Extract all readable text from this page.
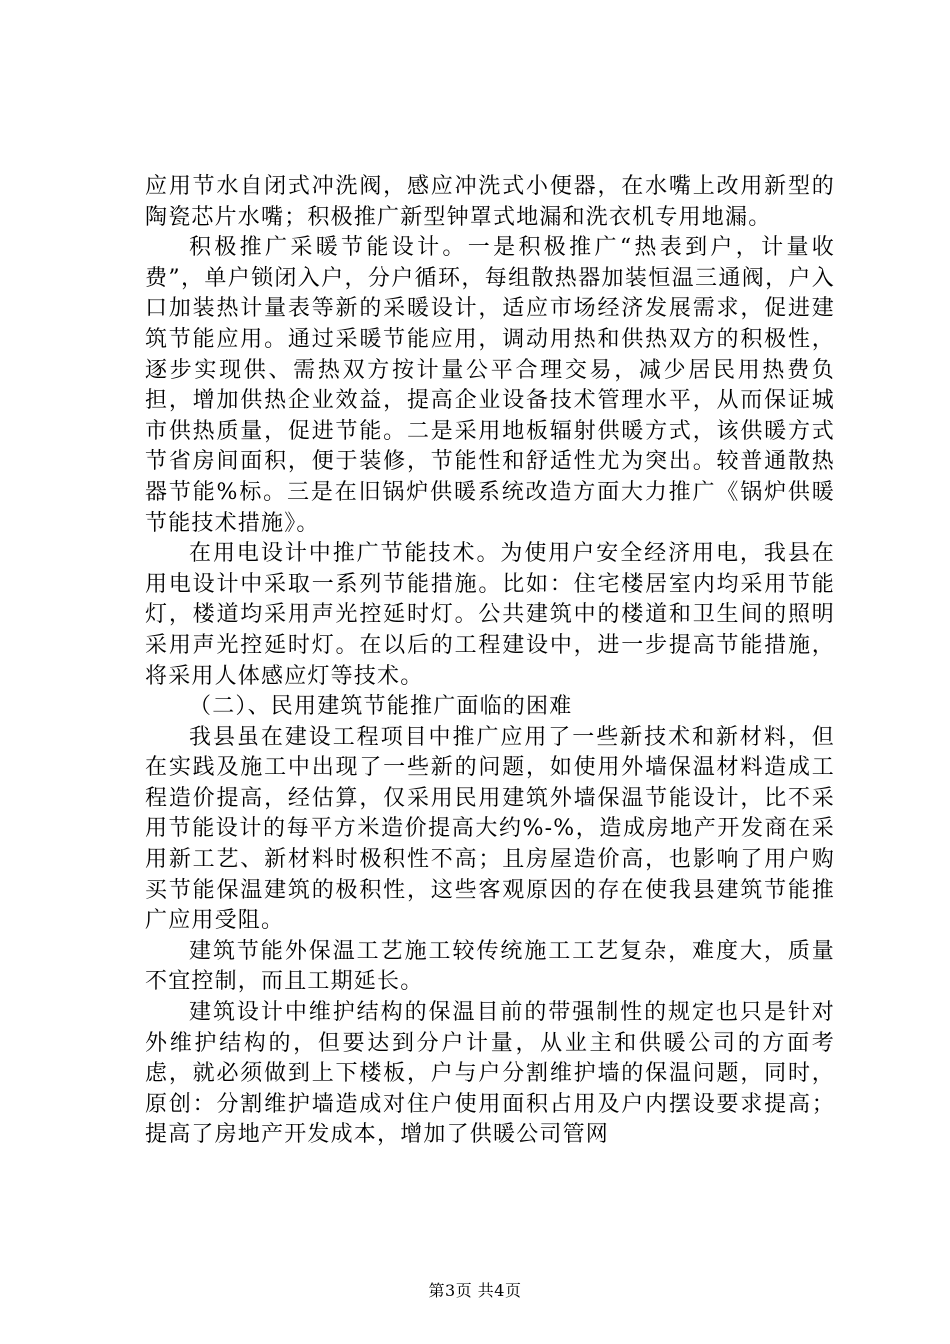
应用节水自闭式冲洗阀，感应冲洗式小便器，在水嘴上改用新型的陶瓷芯片水嘴；积极推广新型钟罩式地漏和洗衣机专用地漏。

积极推广采暖节能设计。一是积极推广“热表到户，计量收费”，单户锁闭入户，分户循环，每组散热器加装恒温三通阀，户入口加装热计量表等新的采暖设计，适应市场经济发展需求，促进建筑节能应用。通过采暖节能应用，调动用热和供热双方的积极性，逐步实现供、需热双方按计量公平合理交易，减少居民用热费负担，增加供热企业效益，提高企业设备技术管理水平，从而保证城市供热质量，促进节能。二是采用地板辐射供暖方式，该供暖方式节省房间面积，便于装修，节能性和舒适性尤为突出。较普通散热器节能%标。三是在旧锅炉供暖系统改造方面大力推广《锅炉供暖节能技术措施》。

在用电设计中推广节能技术。为使用户安全经济用电，我县在用电设计中采取一系列节能措施。比如：住宅楼居室内均采用节能灯，楼道均采用声光控延时灯。公共建筑中的楼道和卫生间的照明采用声光控延时灯。在以后的工程建设中，进一步提高节能措施，将采用人体感应灯等技术。

（二）、民用建筑节能推广面临的困难

我县虽在建设工程项目中推广应用了一些新技术和新材料，但在实践及施工中出现了一些新的问题，如使用外墙保温材料造成工程造价提高，经估算，仅采用民用建筑外墙保温节能设计，比不采用节能设计的每平方米造价提高大约%-%，造成房地产开发商在采用新工艺、新材料时极积性不高；且房屋造价高，也影响了用户购买节能保温建筑的极积性，这些客观原因的存在使我县建筑节能推广应用受阻。

建筑节能外保温工艺施工较传统施工工艺复杂，难度大，质量不宜控制，而且工期延长。

建筑设计中维护结构的保温目前的带强制性的规定也只是针对外维护结构的，但要达到分户计量，从业主和供暖公司的方面考虑，就必须做到上下楼板，户与户分割维护墙的保温问题，同时，原创：分割维护墙造成对住户使用面积占用及户内摆设要求提高；提高了房地产开发成本，增加了供暖公司管网

第3页 共4页
